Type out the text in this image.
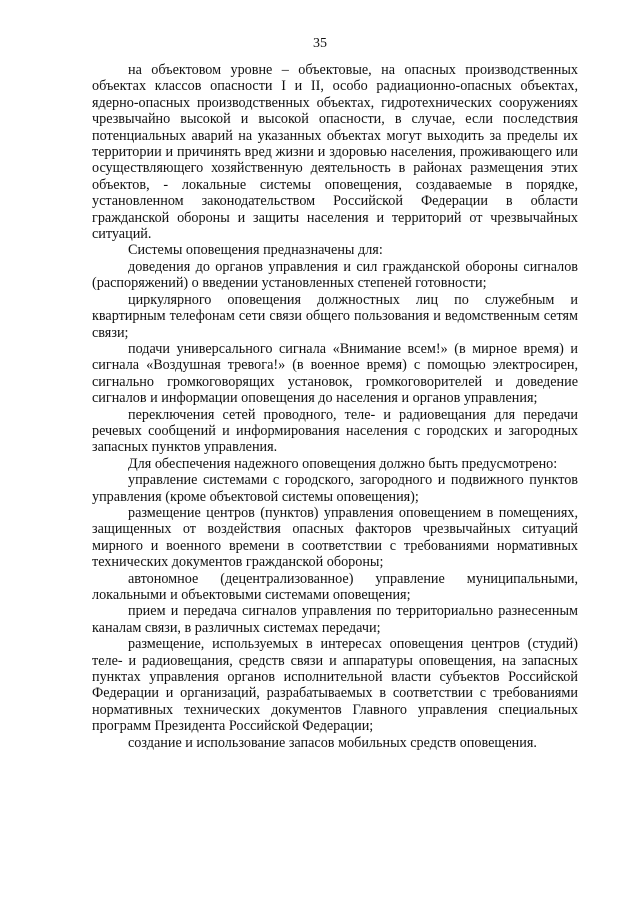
35

на объектовом уровне – объектовые, на опасных производственных объектах классов опасности I и II, особо радиационно-опасных объектах, ядерно-опасных производственных объектах, гидротехнических сооружениях чрезвычайно высокой и высокой опасности, в случае, если последствия потенциальных аварий на указанных объектах могут выходить за пределы их территории и причинять вред жизни и здоровью населения, проживающего или осуществляющего хозяйственную деятельность в районах размещения этих объектов, - локальные системы оповещения, создаваемые в порядке, установленном законодательством Российской Федерации в области гражданской обороны и защиты населения и территорий от чрезвычайных ситуаций.

Системы оповещения предназначены для:

доведения до органов управления и сил гражданской обороны сигналов (распоряжений) о введении установленных степеней готовности;

циркулярного оповещения должностных лиц по служебным и квартирным телефонам сети связи общего пользования и ведомственным сетям связи;

подачи универсального сигнала «Внимание всем!» (в мирное время) и сигнала «Воздушная тревога!» (в военное время) с помощью электросирен, сигнально громкоговорящих установок, громкоговорителей и доведение сигналов и информации оповещения до населения и органов управления;

переключения сетей проводного, теле- и радиовещания для передачи речевых сообщений и информирования населения с городских и загородных запасных пунктов управления.

Для обеспечения надежного оповещения должно быть предусмотрено:

управление системами с городского, загородного и подвижного пунктов управления (кроме объектовой системы оповещения);

размещение центров (пунктов) управления оповещением в помещениях, защищенных от воздействия опасных факторов чрезвычайных ситуаций мирного и военного времени в соответствии с требованиями нормативных технических документов гражданской обороны;

автономное (децентрализованное) управление муниципальными, локальными и объектовыми системами оповещения;

прием и передача сигналов управления по территориально разнесенным каналам связи, в различных системах передачи;

размещение, используемых в интересах оповещения центров (студий) теле- и радиовещания, средств связи и аппаратуры оповещения, на запасных пунктах управления органов исполнительной власти субъектов Российской Федерации и организаций, разрабатываемых в соответствии с требованиями нормативных технических документов Главного управления специальных программ Президента Российской Федерации;

создание и использование запасов мобильных средств оповещения.
